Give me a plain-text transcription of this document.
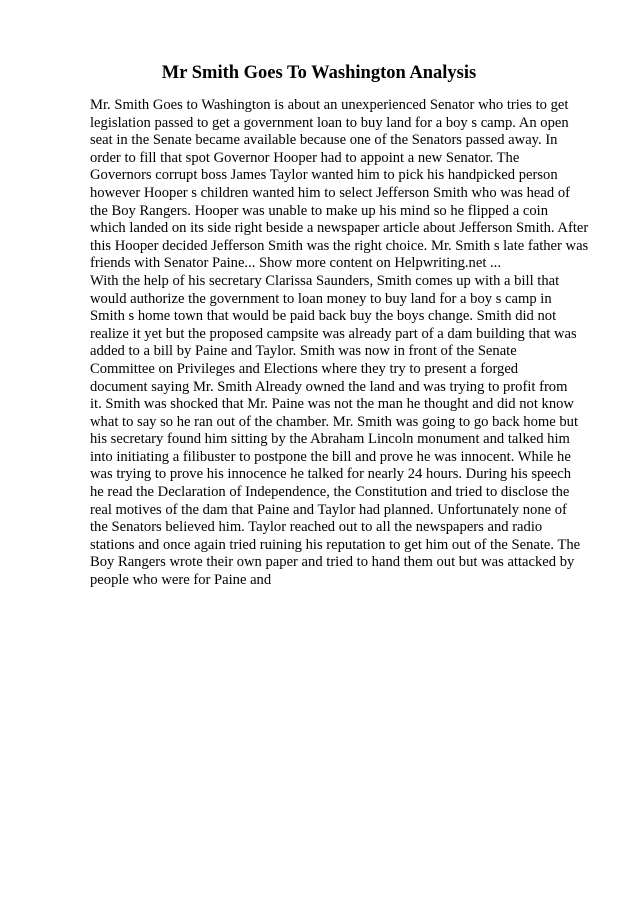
Mr Smith Goes To Washington Analysis
Mr. Smith Goes to Washington is about an unexperienced Senator who tries to get
legislation passed to get a government loan to buy land for a boy s camp. An open
seat in the Senate became available because one of the Senators passed away. In
order to fill that spot Governor Hooper had to appoint a new Senator. The
Governors corrupt boss James Taylor wanted him to pick his handpicked person
however Hooper s children wanted him to select Jefferson Smith who was head of
the Boy Rangers. Hooper was unable to make up his mind so he flipped a coin
which landed on its side right beside a newspaper article about Jefferson Smith. After
this Hooper decided Jefferson Smith was the right choice. Mr. Smith s late father was
friends with Senator Paine... Show more content on Helpwriting.net ...
With the help of his secretary Clarissa Saunders, Smith comes up with a bill that
would authorize the government to loan money to buy land for a boy s camp in
Smith s home town that would be paid back buy the boys change. Smith did not
realize it yet but the proposed campsite was already part of a dam building that was
added to a bill by Paine and Taylor. Smith was now in front of the Senate
Committee on Privileges and Elections where they try to present a forged
document saying Mr. Smith Already owned the land and was trying to profit from
it. Smith was shocked that Mr. Paine was not the man he thought and did not know
what to say so he ran out of the chamber. Mr. Smith was going to go back home but
his secretary found him sitting by the Abraham Lincoln monument and talked him
into initiating a filibuster to postpone the bill and prove he was innocent. While he
was trying to prove his innocence he talked for nearly 24 hours. During his speech
he read the Declaration of Independence, the Constitution and tried to disclose the
real motives of the dam that Paine and Taylor had planned. Unfortunately none of
the Senators believed him. Taylor reached out to all the newspapers and radio
stations and once again tried ruining his reputation to get him out of the Senate. The
Boy Rangers wrote their own paper and tried to hand them out but was attacked by
people who were for Paine and
